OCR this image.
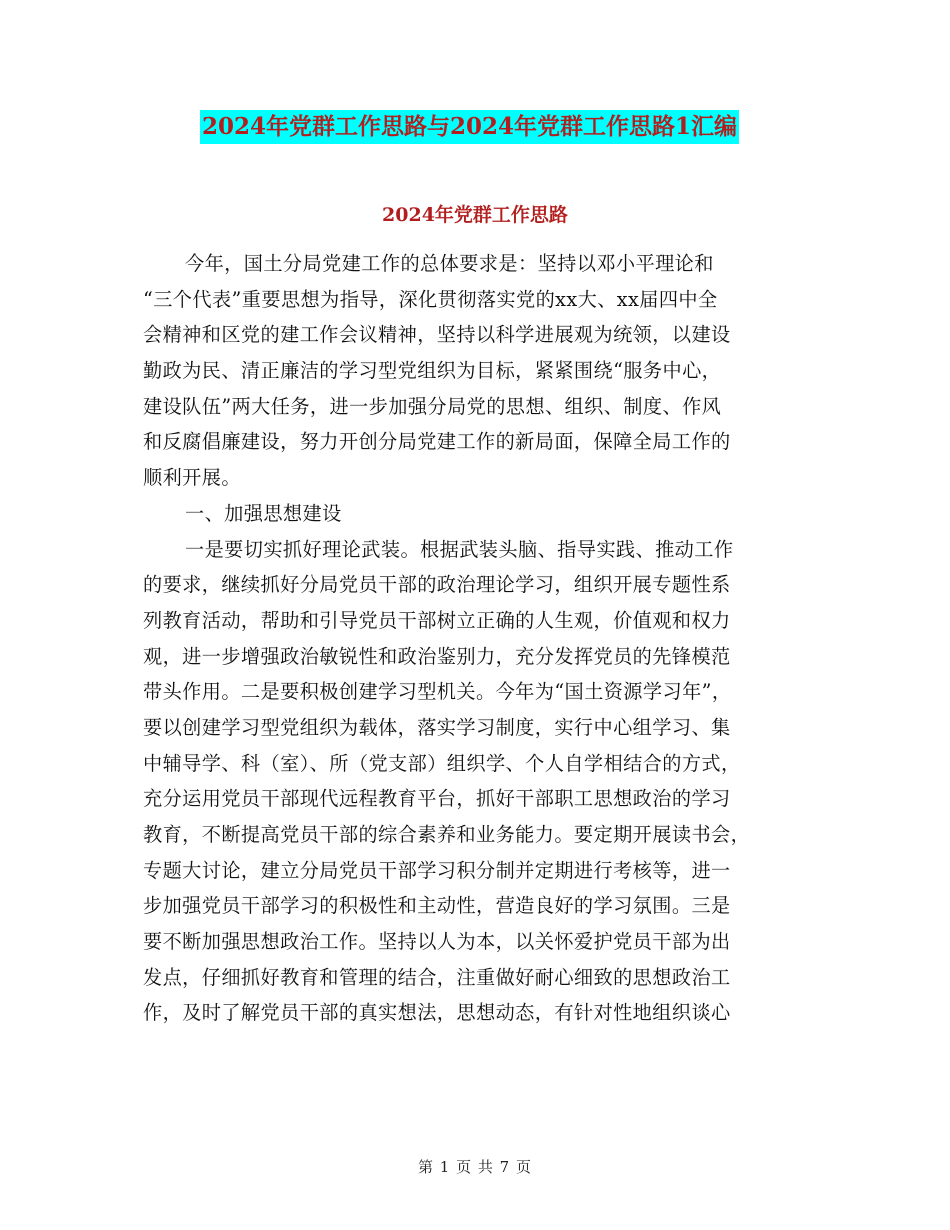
2024年党群工作思路与2024年党群工作思路1汇编
2024年党群工作思路
今年，国土分局党建工作的总体要求是：坚持以邓小平理论和
“三个代表”重要思想为指导，深化贯彻落实党的xx大、xx届四中全
会精神和区党的建工作会议精神，坚持以科学进展观为统领，以建设
勤政为民、清正廉洁的学习型党组织为目标，紧紧围绕“服务中心，
建设队伍”两大任务，进一步加强分局党的思想、组织、制度、作风
和反腐倡廉建设，努力开创分局党建工作的新局面，保障全局工作的
顺利开展。
一、加强思想建设
一是要切实抓好理论武装。根据武装头脑、指导实践、推动工作
的要求，继续抓好分局党员干部的政治理论学习，组织开展专题性系
列教育活动，帮助和引导党员干部树立正确的人生观，价值观和权力
观，进一步增强政治敏锐性和政治鉴别力，充分发挥党员的先锋模范
带头作用。二是要积极创建学习型机关。今年为“国土资源学习年”，
要以创建学习型党组织为载体，落实学习制度，实行中心组学习、集
中辅导学、科（室）、所（党支部）组织学、个人自学相结合的方式，
充分运用党员干部现代远程教育平台，抓好干部职工思想政治的学习
教育，不断提高党员干部的综合素养和业务能力。要定期开展读书会，
专题大讨论，建立分局党员干部学习积分制并定期进行考核等，进一
步加强党员干部学习的积极性和主动性，营造良好的学习氛围。三是
要不断加强思想政治工作。坚持以人为本，以关怀爱护党员干部为出
发点，仔细抓好教育和管理的结合，注重做好耐心细致的思想政治工
作，及时了解党员干部的真实想法，思想动态，有针对性地组织谈心
第 1 页 共 7 页
